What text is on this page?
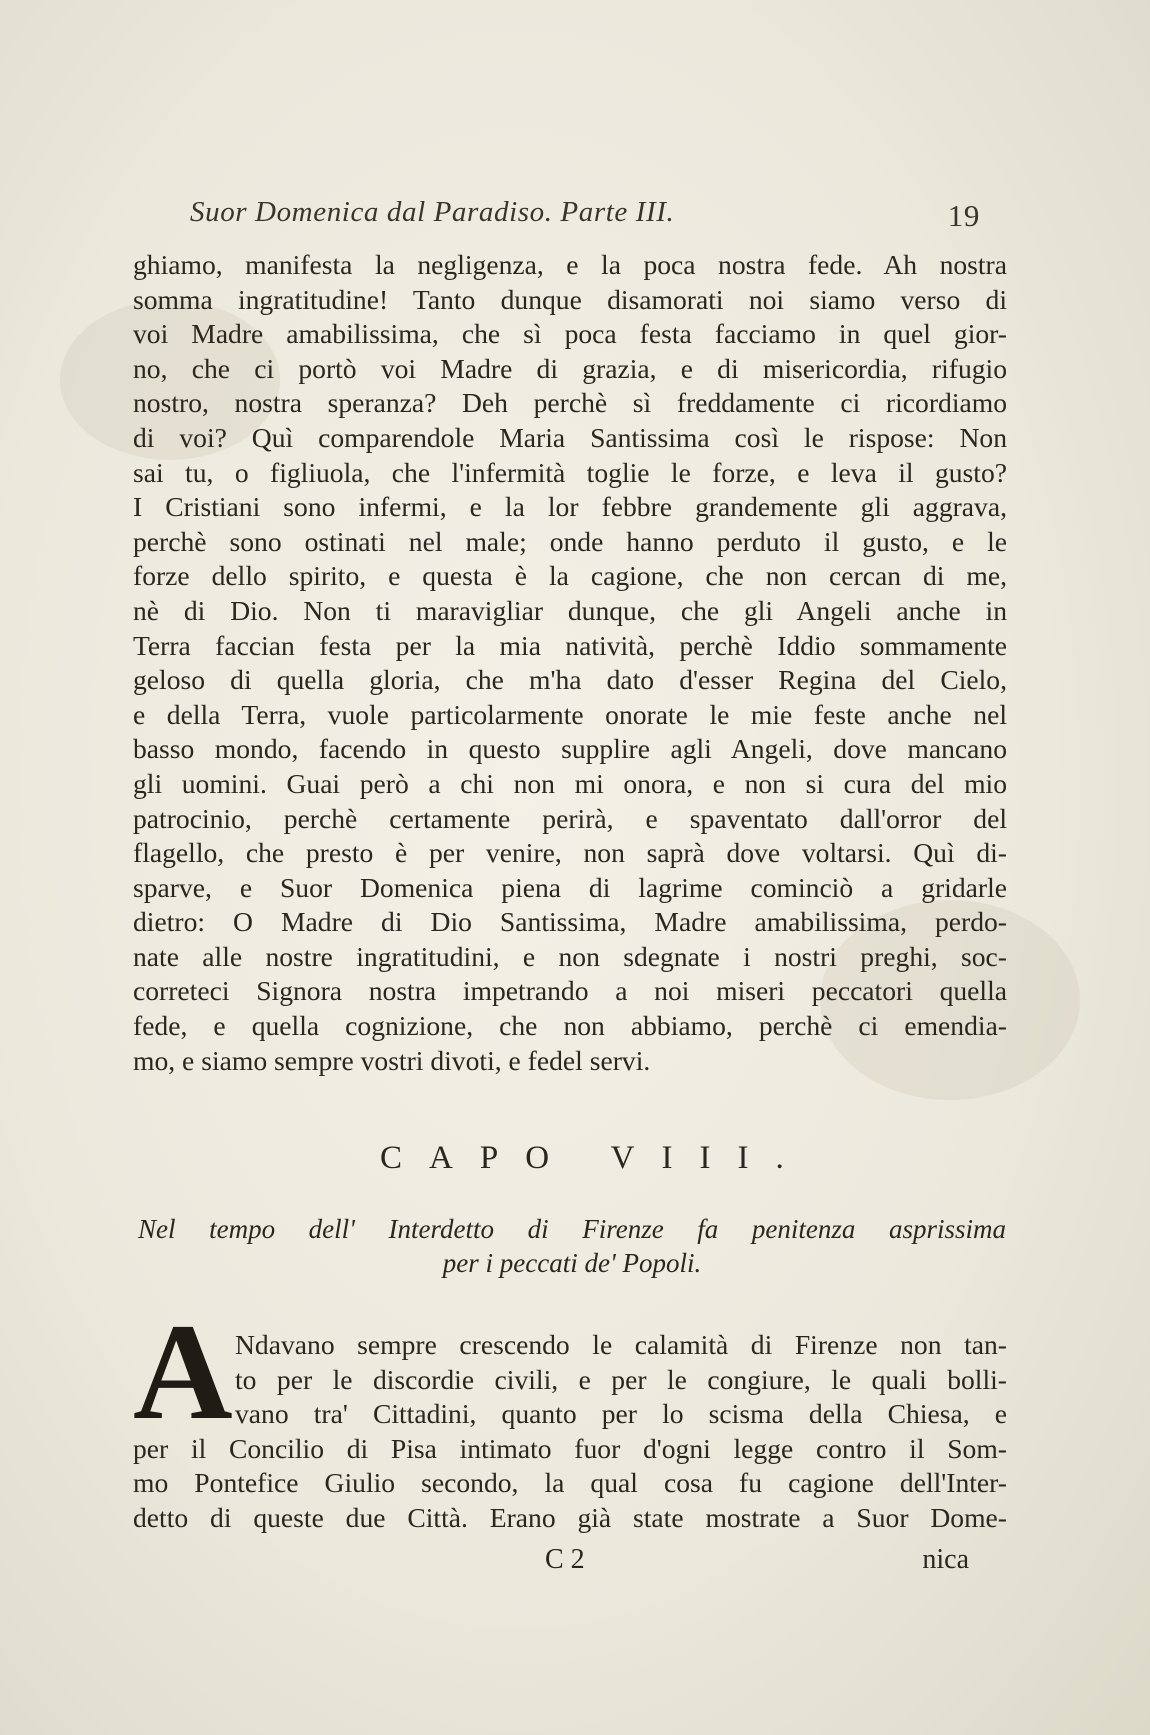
Suor Domenica dal Paradiso. Parte III.	19
ghiamo, manifesta la negligenza, e la poca nostra fede. Ah nostra
somma ingratitudine! Tanto dunque disamorati noi siamo verso di
voi Madre amabilissima, che sì poca festa facciamo in quel gior-
no, che ci portò voi Madre di grazia, e di misericordia, rifugio
nostro, nostra speranza? Deh perchè sì freddamente ci ricordiamo
di voi? Quì comparendole Maria Santissima così le rispose: Non
sai tu, o figliuola, che l'infermità toglie le forze, e leva il gusto?
I Cristiani sono infermi, e la lor febbre grandemente gli aggrava,
perchè sono ostinati nel male; onde hanno perduto il gusto, e le
forze dello spirito, e questa è la cagione, che non cercan di me,
nè di Dio. Non ti maravigliar dunque, che gli Angeli anche in
Terra faccian festa per la mia natività, perchè Iddio sommamente
geloso di quella gloria, che m'ha dato d'esser Regina del Cielo,
e della Terra, vuole particolarmente onorate le mie feste anche nel
basso mondo, facendo in questo supplire agli Angeli, dove mancano
gli uomini. Guai però a chi non mi onora, e non si cura del mio
patrocinio, perchè certamente perirà, e spaventato dall'orror del
flagello, che presto è per venire, non saprà dove voltarsi. Quì di-
sparve, e Suor Domenica piena di lagrime cominciò a gridarle
dietro: O Madre di Dio Santissima, Madre amabilissima, perdo-
nate alle nostre ingratitudini, e non sdegnate i nostri preghi, soc-
correteci Signora nostra impetrando a noi miseri peccatori quella
fede, e quella cognizione, che non abbiamo, perchè ci emendia-
mo, e siamo sempre vostri divoti, e fedel servi.
CAPO VIII.
Nel tempo dell' Interdetto di Firenze fa penitenza asprissima
per i peccati de' Popoli.
A Ndavano sempre crescendo le calamità di Firenze non tan-
to per le discordie civili, e per le congiure, le quali bolli-
vano tra' Cittadini, quanto per lo scisma della Chiesa, e
per il Concilio di Pisa intimato fuor d'ogni legge contro il Som-
mo Pontefice Giulio secondo, la qual cosa fu cagione dell'Inter-
detto di queste due Città. Erano già state mostrate a Suor Dome-
C 2	nica
